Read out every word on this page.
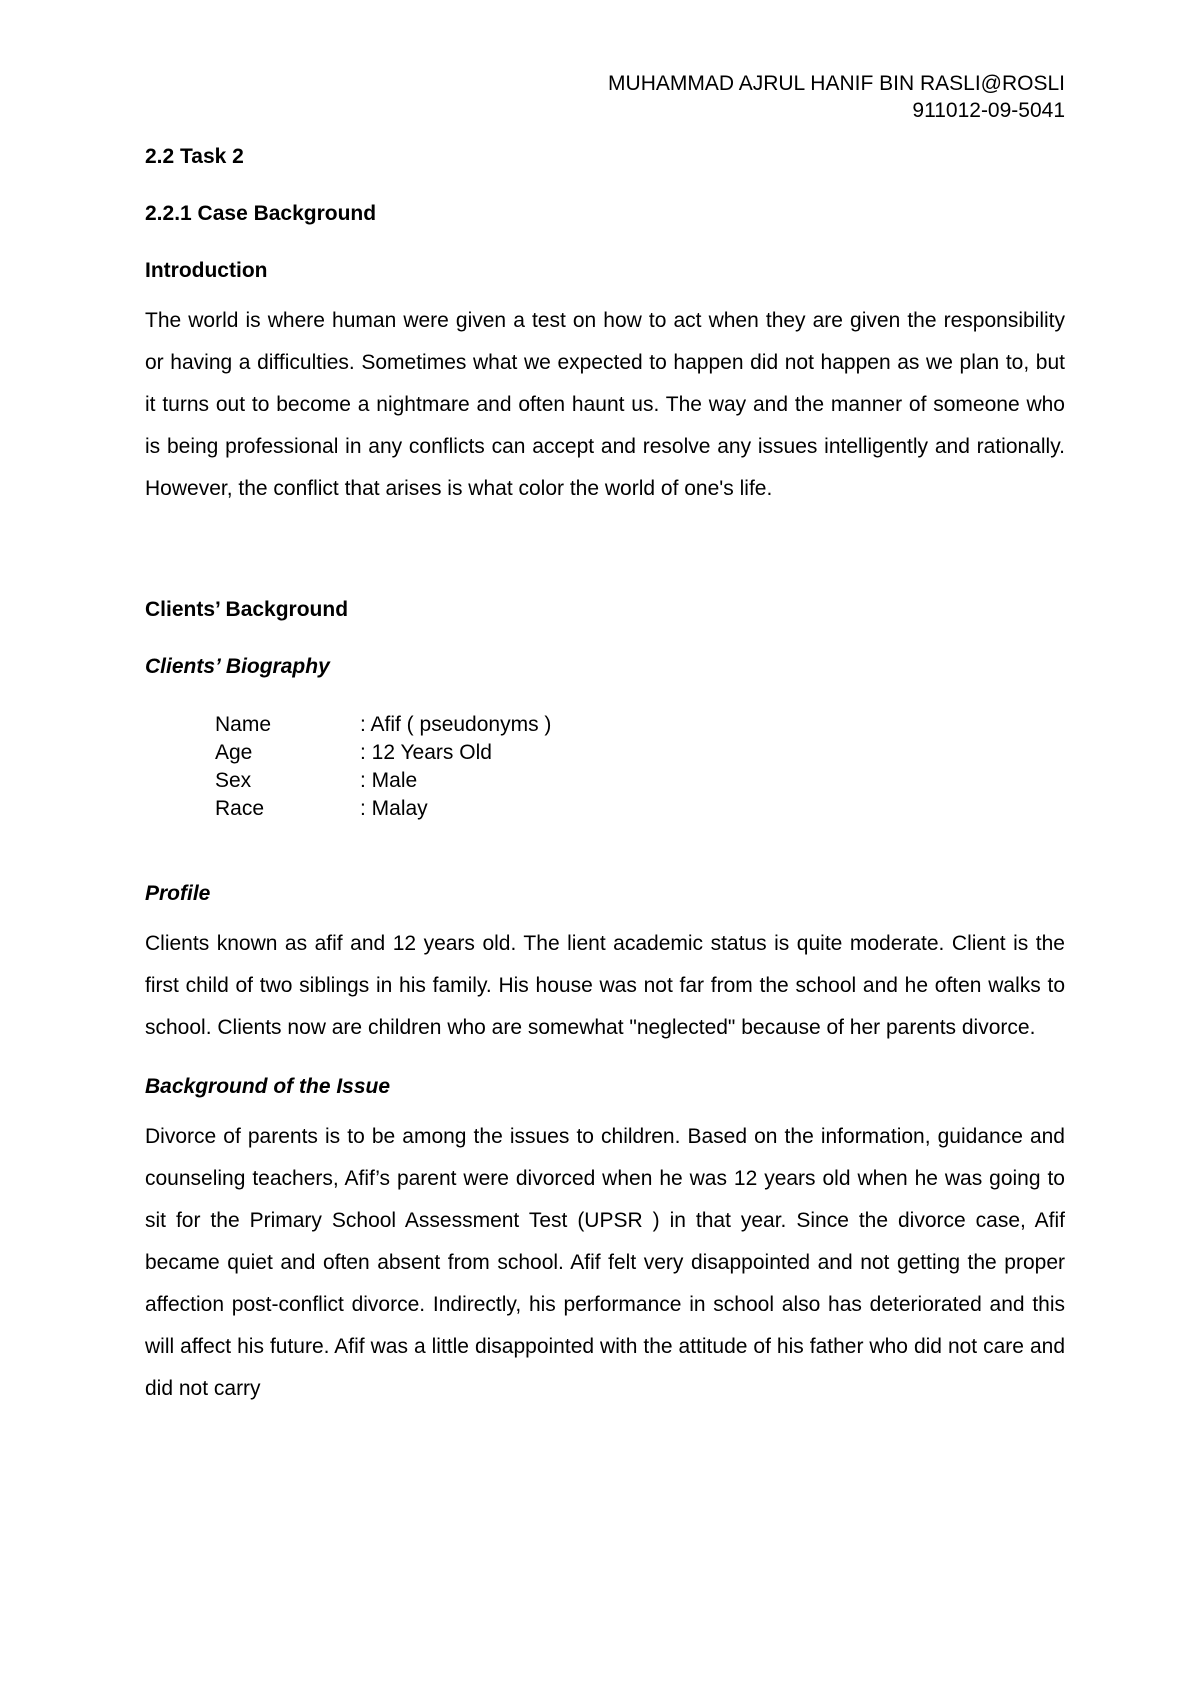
MUHAMMAD AJRUL HANIF BIN RASLI@ROSLI
911012-09-5041

2.2 Task 2

2.2.1 Case Background

Introduction

The world is where human were given a test on how to act when they are given the responsibility or having a difficulties. Sometimes what we expected to happen did not happen as we plan to, but it turns out to become a nightmare and often haunt us. The way and the manner of someone who is being professional in any conflicts can accept and resolve any issues intelligently and rationally. However, the conflict that arises is what color the world of one's life.

Clients’ Background

Clients’ Biography

Name	: Afif ( pseudonyms )
Age	: 12 Years Old
Sex	: Male
Race	: Malay

Profile

Clients known as afif and 12 years old. The lient academic status is quite moderate. Client is the first child of two siblings in his family. His house was not far from the school and he often walks to school. Clients now are children who are somewhat "neglected" because of her parents divorce.

Background of the Issue

Divorce of parents is to be among the issues to children. Based on the information, guidance and counseling teachers, Afif’s parent were divorced when he was 12 years old when he was going to sit for the Primary School Assessment Test (UPSR ) in that year. Since the divorce case, Afif became quiet and often absent from school. Afif felt very disappointed and not getting the proper affection post-conflict divorce. Indirectly, his performance in school also has deteriorated and this will affect his future. Afif was a little disappointed with the attitude of his father who did not care and did not carry
